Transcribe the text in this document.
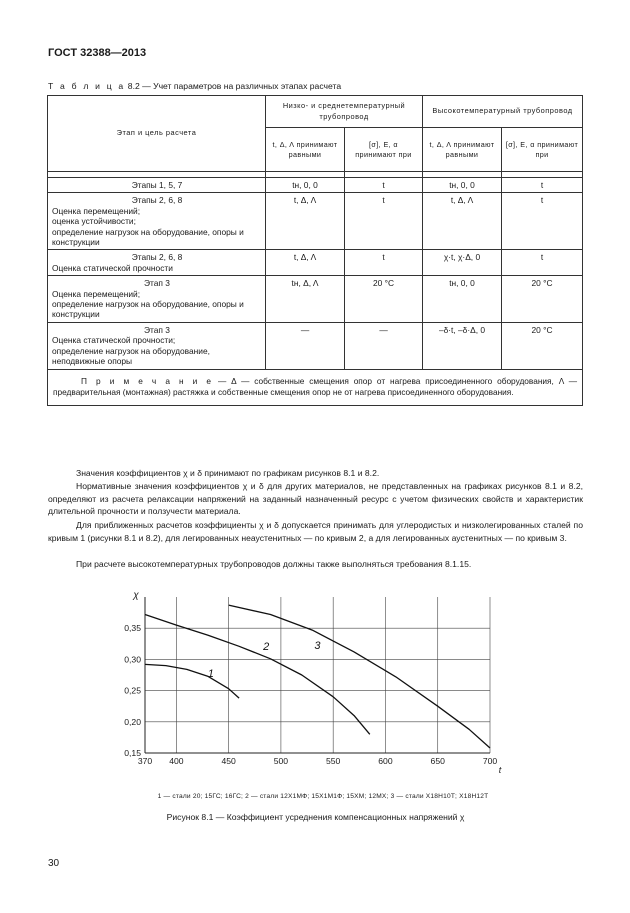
ГОСТ 32388—2013
Т а б л и ц а 8.2 — Учет параметров на различных этапах расчета
Этап и цель расчета	Низко- и среднетемпературный трубопровод		Высокотемпературный трубопровод	
	t, Δ, Λ принимают равными	[σ], E, α принимают при	t, Δ, Λ принимают равными	[σ], E, α принимают при

Этапы 1, 5, 7	tн, 0, 0	t	tн, 0, 0	t

Этапы 2, 6, 8
Оценка перемещений;
оценка устойчивости;
определение нагрузок на оборудование, опоры и конструкции	t, Δ, Λ	t	t, Δ, Λ	t

Этапы 2, 6, 8
Оценка статической прочности	t, Δ, Λ	t	χ·t, χ·Δ, 0	t

Этап 3
Оценка перемещений;
определение нагрузок на оборудование, опоры и конструкции	tн, Δ, Λ	20 °С	tн, 0, 0	20 °С

Этап 3
Оценка статической прочности;
определение нагрузок на оборудование, неподвижные опоры	—	—	–δ·t, –δ·Δ, 0	20 °С
П р и м е ч а н и е — Δ — собственные смещения опор от нагрева присоединенного оборудования, Λ — предварительная (монтажная) растяжка и собственные смещения опор не от нагрева присоединенного оборудования.				

Значения коэффициентов χ и δ принимают по графикам рисунков 8.1 и 8.2.

Нормативные значения коэффициентов χ и δ для других материалов, не представленных на графиках рисунков 8.1 и 8.2, определяют из расчета релаксации напряжений на заданный назначенный ресурс с учетом физических свойств и характеристик длительной прочности и ползучести материала.

Для приближенных расчетов коэффициенты χ и δ допускается принимать для углеродистых и низколегированных сталей по кривым 1 (рисунки 8.1 и 8.2), для легированных неаустенитных — по кривым 2, а для легированных аустенитных — по кривым 3.

При расчете высокотемпературных трубопроводов должны также выполняться требования 8.1.15.

0,15
0,20
0,25
0,30
0,35
370 400	450	500	550	600	650	700
χ
t
1
2	3
1 — стали 20; 15ГС; 16ГС; 2 — стали 12Х1МФ; 15Х1М1Ф; 15ХМ; 12МХ; 3 — стали Х18Н10Т; Х18Н12Т
Рисунок 8.1 — Коэффициент усреднения компенсационных напряжений χ
30
